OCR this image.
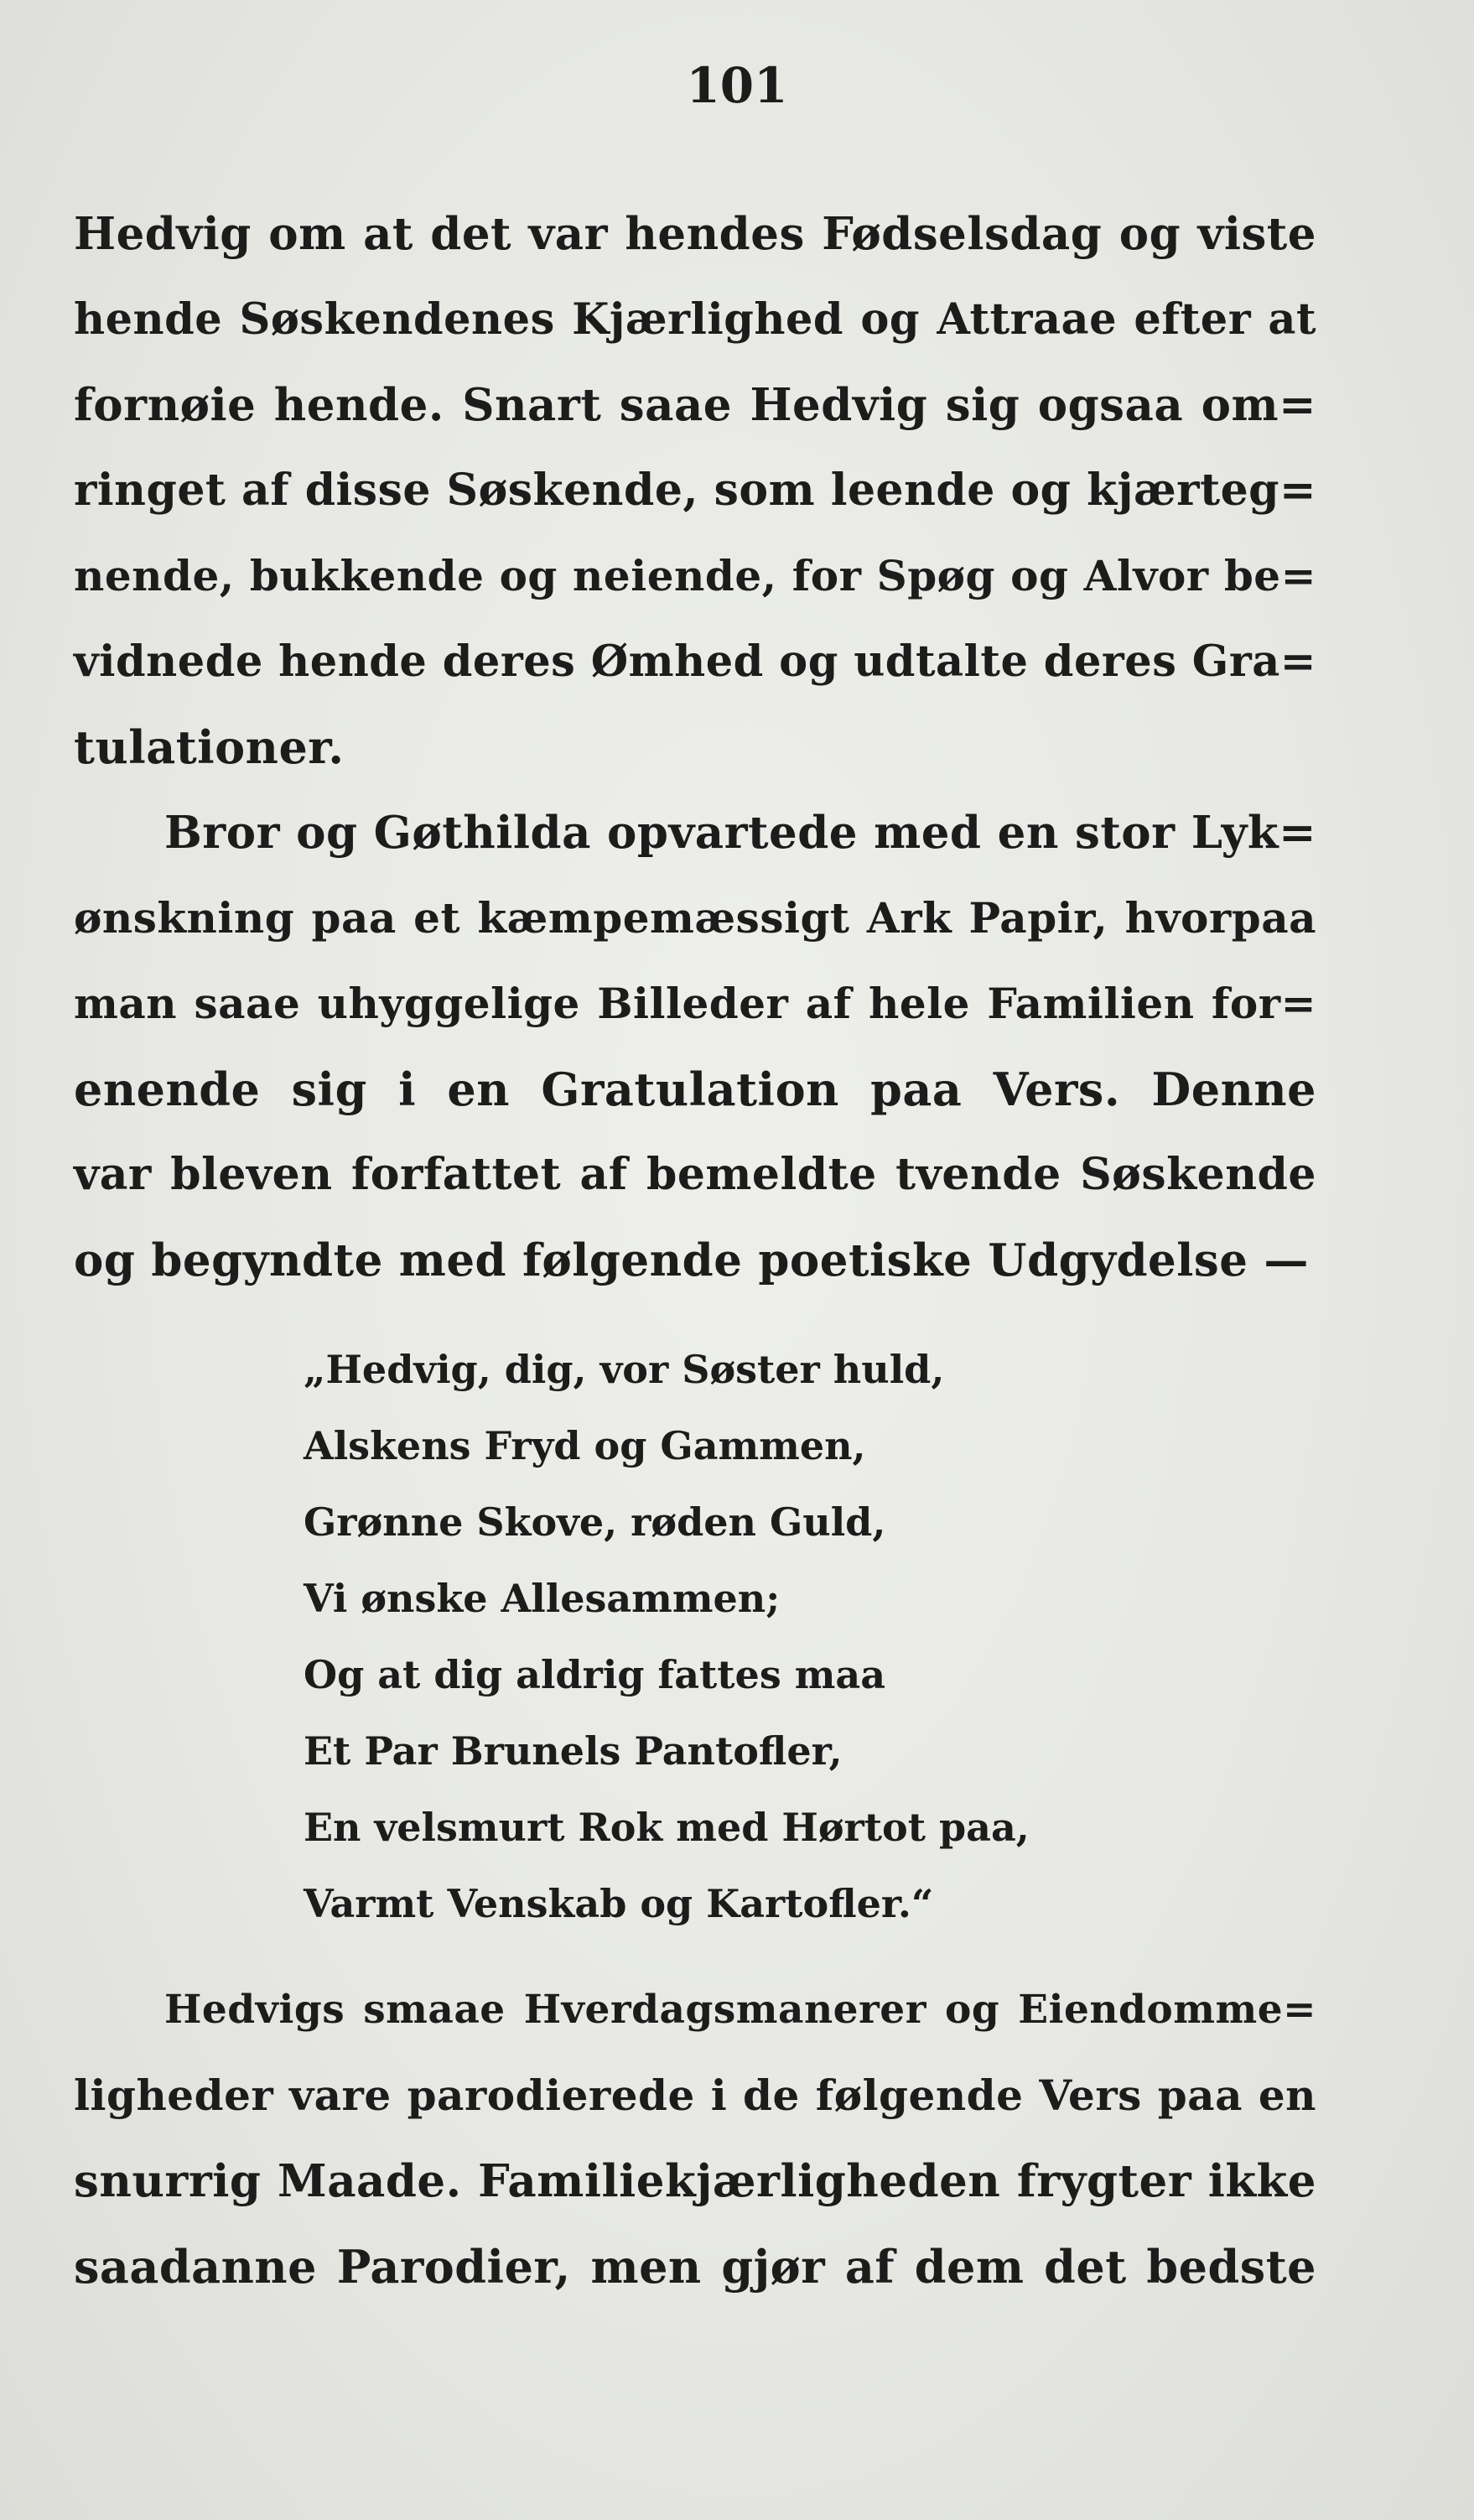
101
Hedvig om at det var hendes Fødselsdag og viste
hende Søskendenes Kjærlighed og Attraae efter at
fornøie hende. Snart saae Hedvig sig ogsaa om=
ringet af disse Søskende, som leende og kjærteg=
nende, bukkende og neiende, for Spøg og Alvor be=
vidnede hende deres Ømhed og udtalte deres Gra=
tulationer.
Bror og Gøthilda opvartede med en stor Lyk=
ønskning paa et kæmpemæssigt Ark Papir, hvorpaa
man saae uhyggelige Billeder af hele Familien for=
enende sig i en Gratulation paa Vers. Denne
var bleven forfattet af bemeldte tvende Søskende
og begyndte med følgende poetiske Udgydelse —
„Hedvig, dig, vor Søster huld,
Alskens Fryd og Gammen,
Grønne Skove, røden Guld,
Vi ønske Allesammen;
Og at dig aldrig fattes maa
Et Par Brunels Pantofler,
En velsmurt Rok med Hørtot paa,
Varmt Venskab og Kartofler.“
Hedvigs smaae Hverdagsmanerer og Eiendomme=
ligheder vare parodierede i de følgende Vers paa en
snurrig Maade. Familiekjærligheden frygter ikke
saadanne Parodier, men gjør af dem det bedste
